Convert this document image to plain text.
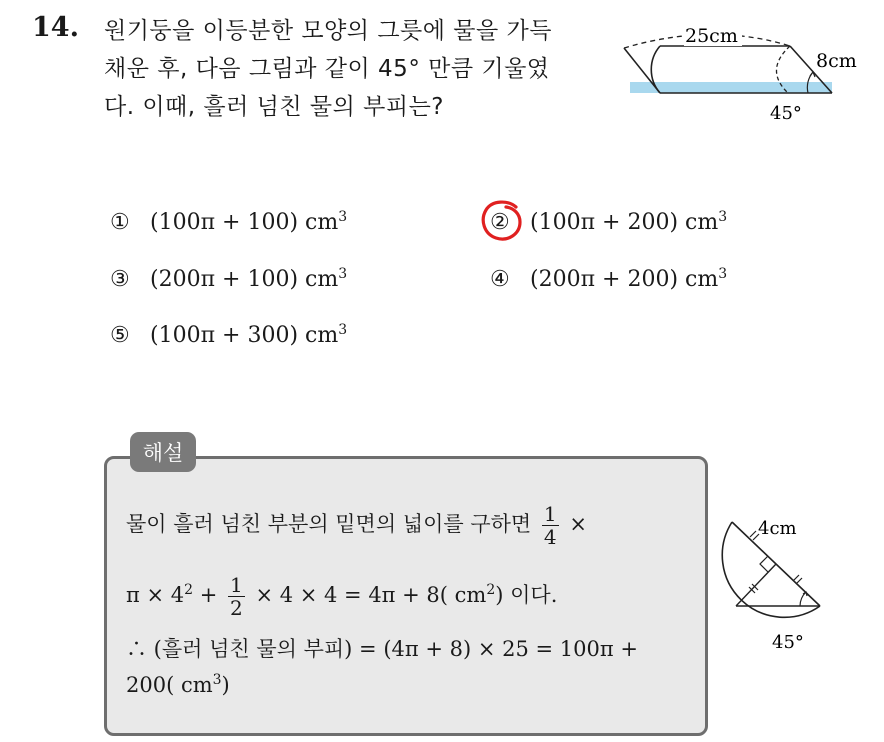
14. 원기둥을 이등분한 모양의 그릇에 물을 가득
채운 후, 다음 그림과 같이 45° 만큼 기울였
다. 이때, 흘러 넘친 물의 부피는?
25cm
8cm
45°
① (100π + 100) $cm^3$	② (100π + 200) $cm^3$
③ (200π + 100) $cm^3$	④ (200π + 200) $cm^3$
⑤ (100π + 300) $cm^3$
해설
물이 흘러 넘친 부분의 밑면의 넓이를 구하면 $\frac{1}{4}$ ×
$\pi \times 4^2 + \frac{1}{2} \times 4 \times 4 = 4\pi + 8$( $cm^2$) 이다.
∴ (흘러 넘친 물의 부피) = (4π + 8) × 25 = 100π +
200( $cm^3$)
4cm
45°
